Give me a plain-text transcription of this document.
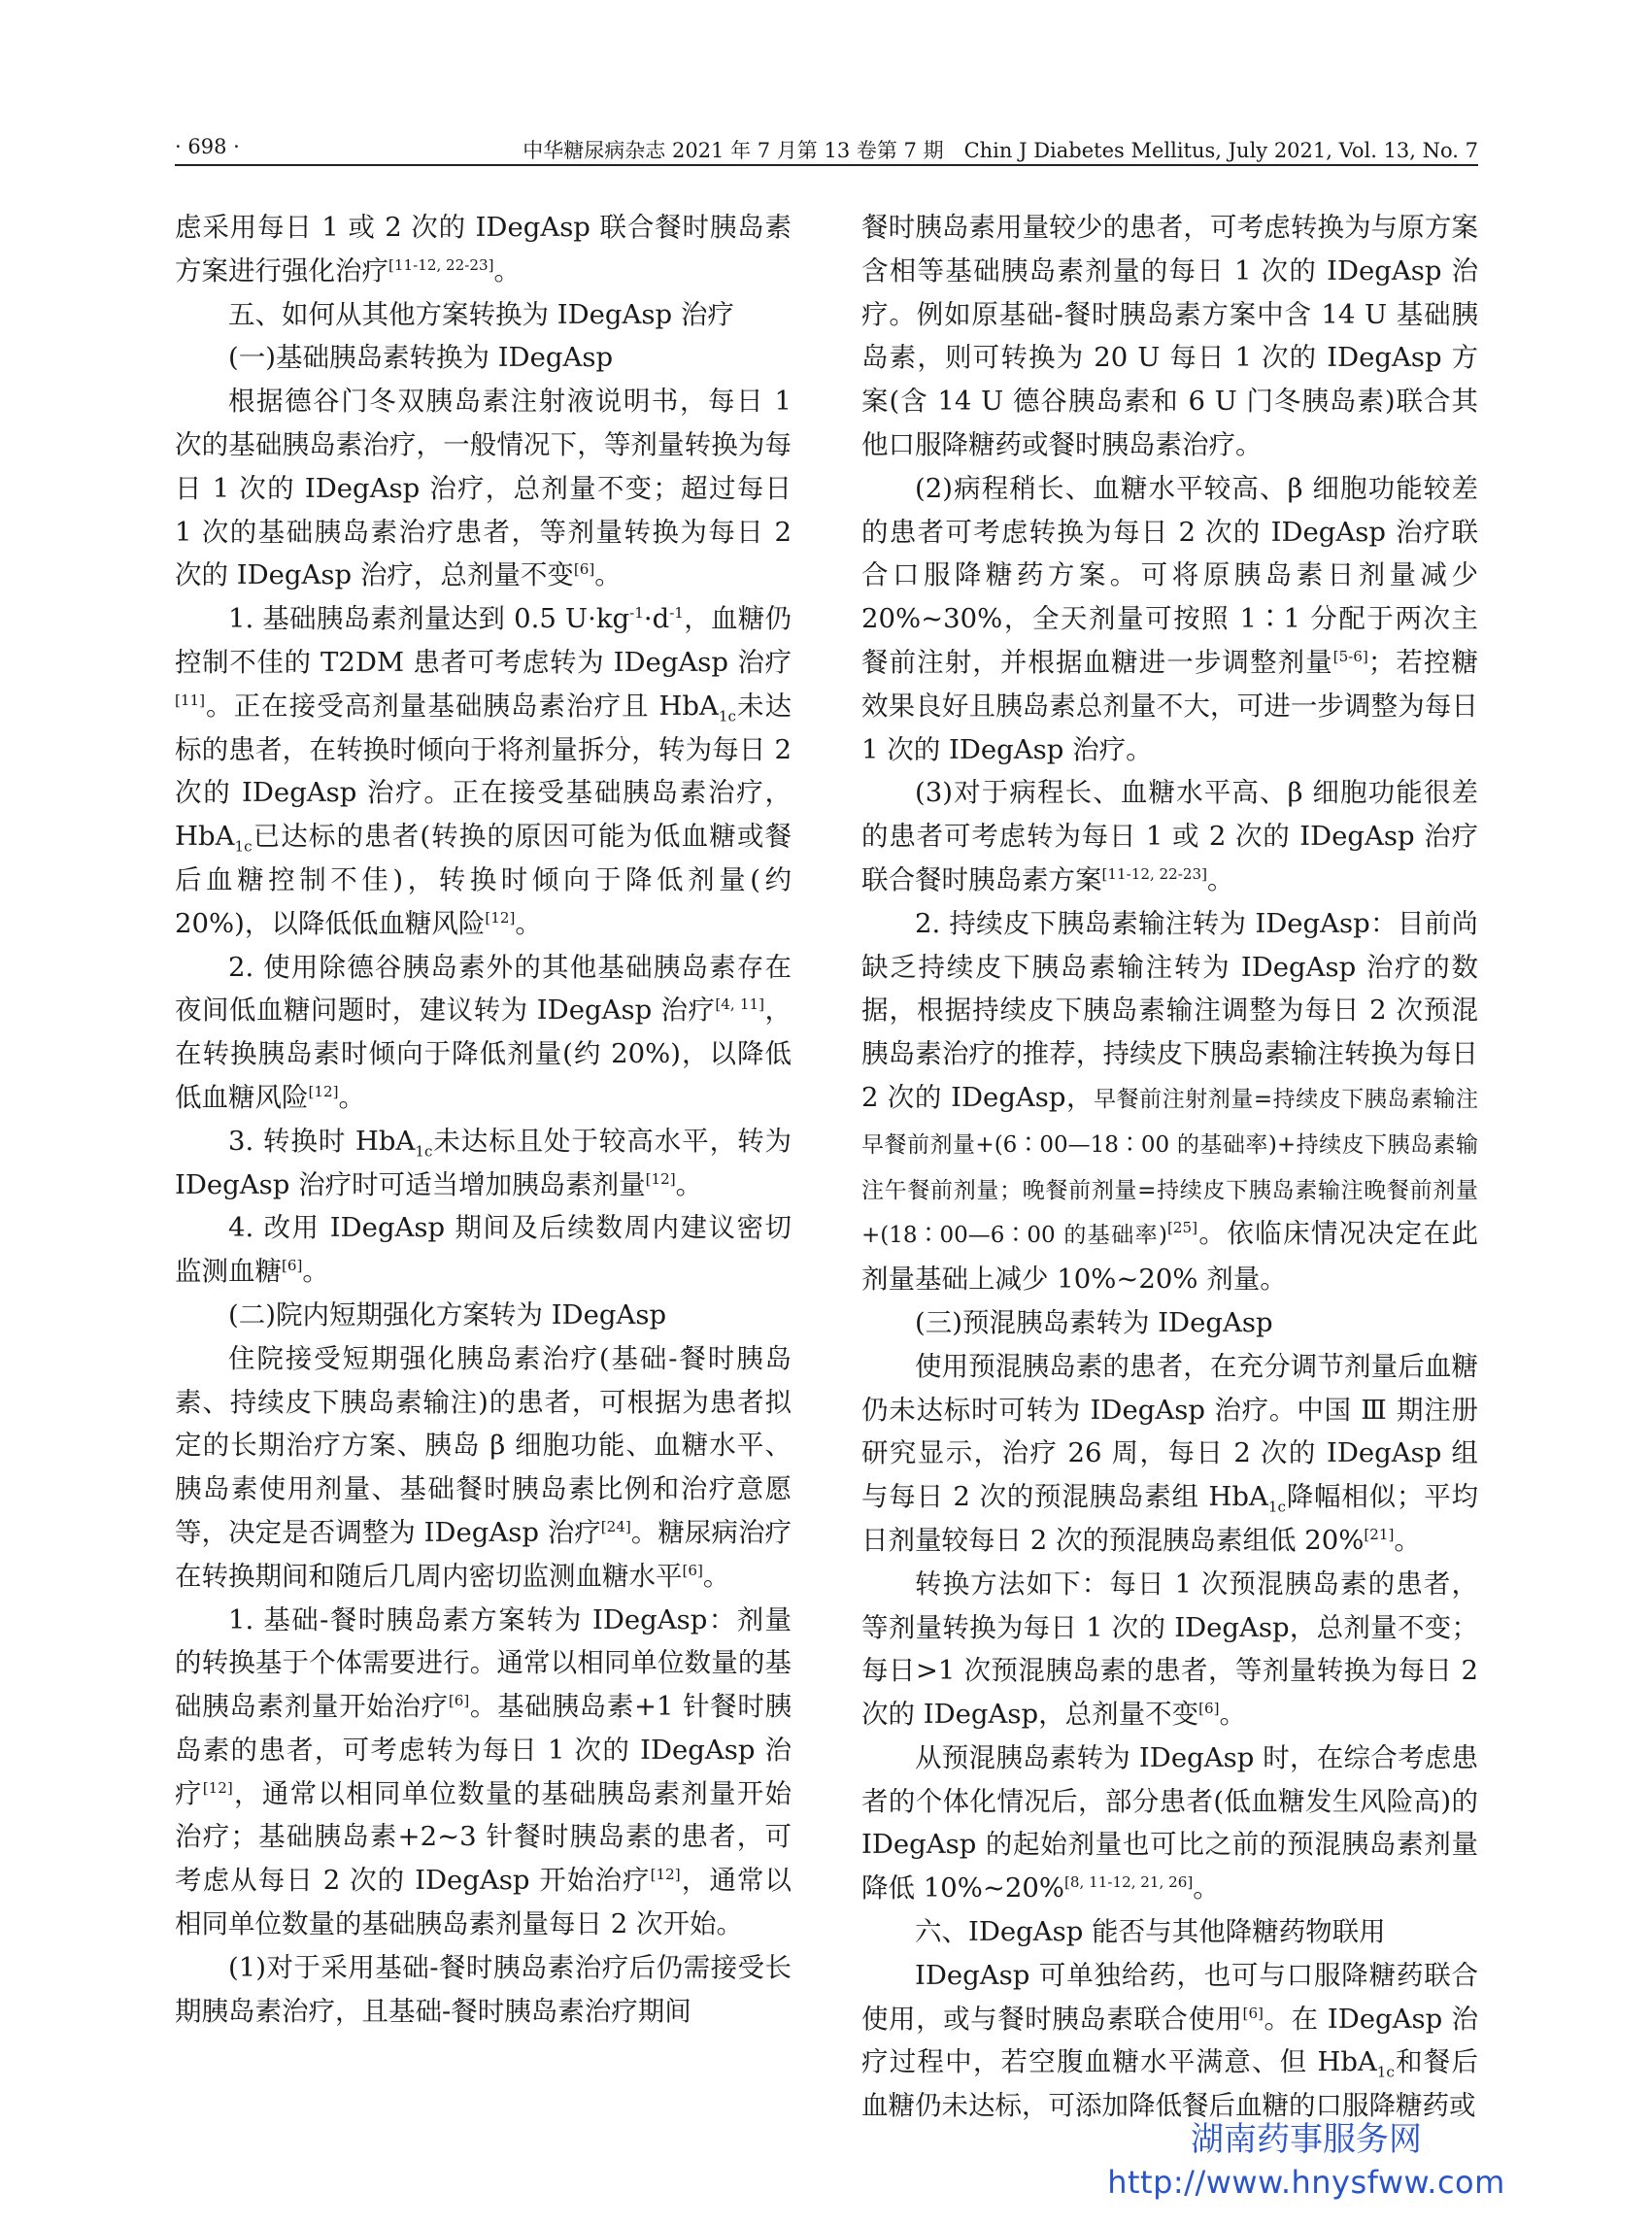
· 698 ·	中华糖尿病杂志 2021 年 7 月第 13 卷第 7 期　Chin J Diabetes Mellitus, July 2021, Vol. 13, No. 7

虑采用每日 1 或 2 次的 IDegAsp 联合餐时胰岛素方案进行强化治疗[11-12, 22-23]。

五、如何从其他方案转换为 IDegAsp 治疗

(一)基础胰岛素转换为 IDegAsp

根据德谷门冬双胰岛素注射液说明书，每日 1 次的基础胰岛素治疗，一般情况下，等剂量转换为每日 1 次的 IDegAsp 治疗，总剂量不变；超过每日 1 次的基础胰岛素治疗患者，等剂量转换为每日 2 次的 IDegAsp 治疗，总剂量不变[6]。

1. 基础胰岛素剂量达到 0.5 $U\cdot kg^{-1}\cdot d^{-1}$，血糖仍控制不佳的 T2DM 患者可考虑转为 IDegAsp 治疗[11]。正在接受高剂量基础胰岛素治疗且 HbA$_{1c}$未达标的患者，在转换时倾向于将剂量拆分，转为每日 2 次的 IDegAsp 治疗。正在接受基础胰岛素治疗，HbA$_{1c}$已达标的患者(转换的原因可能为低血糖或餐后血糖控制不佳)，转换时倾向于降低剂量(约 20%)，以降低低血糖风险[12]。

2. 使用除德谷胰岛素外的其他基础胰岛素存在夜间低血糖问题时，建议转为 IDegAsp 治疗[4, 11]，在转换胰岛素时倾向于降低剂量(约 20%)，以降低低血糖风险[12]。

3. 转换时 HbA$_{1c}$未达标且处于较高水平，转为 IDegAsp 治疗时可适当增加胰岛素剂量[12]。

4. 改用 IDegAsp 期间及后续数周内建议密切监测血糖[6]。

(二)院内短期强化方案转为 IDegAsp

住院接受短期强化胰岛素治疗(基础-餐时胰岛素、持续皮下胰岛素输注)的患者，可根据为患者拟定的长期治疗方案、胰岛 β 细胞功能、血糖水平、胰岛素使用剂量、基础餐时胰岛素比例和治疗意愿等，决定是否调整为 IDegAsp 治疗[24]。糖尿病治疗在转换期间和随后几周内密切监测血糖水平[6]。

1. 基础-餐时胰岛素方案转为 IDegAsp：剂量的转换基于个体需要进行。通常以相同单位数量的基础胰岛素剂量开始治疗[6]。基础胰岛素+1 针餐时胰岛素的患者，可考虑转为每日 1 次的 IDegAsp 治疗[12]，通常以相同单位数量的基础胰岛素剂量开始治疗；基础胰岛素+2~3 针餐时胰岛素的患者，可考虑从每日 2 次的 IDegAsp 开始治疗[12]，通常以相同单位数量的基础胰岛素剂量每日 2 次开始。

(1)对于采用基础-餐时胰岛素治疗后仍需接受长期胰岛素治疗，且基础-餐时胰岛素治疗期间

餐时胰岛素用量较少的患者，可考虑转换为与原方案含相等基础胰岛素剂量的每日 1 次的 IDegAsp 治疗。例如原基础-餐时胰岛素方案中含 14 U 基础胰岛素，则可转换为 20 U 每日 1 次的 IDegAsp 方案(含 14 U 德谷胰岛素和 6 U 门冬胰岛素)联合其他口服降糖药或餐时胰岛素治疗。

(2)病程稍长、血糖水平较高、β 细胞功能较差的患者可考虑转换为每日 2 次的 IDegAsp 治疗联合口服降糖药方案。可将原胰岛素日剂量减少 20%~30%，全天剂量可按照 1∶1 分配于两次主餐前注射，并根据血糖进一步调整剂量[5-6]；若控糖效果良好且胰岛素总剂量不大，可进一步调整为每日 1 次的 IDegAsp 治疗。

(3)对于病程长、血糖水平高、β 细胞功能很差的患者可考虑转为每日 1 或 2 次的 IDegAsp 治疗联合餐时胰岛素方案[11-12, 22-23]。

2. 持续皮下胰岛素输注转为 IDegAsp：目前尚缺乏持续皮下胰岛素输注转为 IDegAsp 治疗的数据，根据持续皮下胰岛素输注调整为每日 2 次预混胰岛素治疗的推荐，持续皮下胰岛素输注转换为每日 2 次的 IDegAsp，早餐前注射剂量=持续皮下胰岛素输注早餐前剂量+(6∶00—18∶00 的基础率)+持续皮下胰岛素输注午餐前剂量；晚餐前剂量=持续皮下胰岛素输注晚餐前剂量+(18∶00—6∶00 的基础率)[25]。依临床情况决定在此剂量基础上减少 10%~20% 剂量。

(三)预混胰岛素转为 IDegAsp

使用预混胰岛素的患者，在充分调节剂量后血糖仍未达标时可转为 IDegAsp 治疗。中国 Ⅲ 期注册研究显示，治疗 26 周，每日 2 次的 IDegAsp 组与每日 2 次的预混胰岛素组 HbA$_{1c}$降幅相似；平均日剂量较每日 2 次的预混胰岛素组低 20%[21]。

转换方法如下：每日 1 次预混胰岛素的患者，等剂量转换为每日 1 次的 IDegAsp，总剂量不变；每日>1 次预混胰岛素的患者，等剂量转换为每日 2 次的 IDegAsp，总剂量不变[6]。

从预混胰岛素转为 IDegAsp 时，在综合考虑患者的个体化情况后，部分患者(低血糖发生风险高)的 IDegAsp 的起始剂量也可比之前的预混胰岛素剂量降低 10%~20%[8, 11-12, 21, 26]。

六、IDegAsp 能否与其他降糖药物联用

IDegAsp 可单独给药，也可与口服降糖药联合使用，或与餐时胰岛素联合使用[6]。在 IDegAsp 治疗过程中，若空腹血糖水平满意、但 HbA$_{1c}$和餐后血糖仍未达标，可添加降低餐后血糖的口服降糖药或

湖南药事服务网
http://www.hnysfww.com
